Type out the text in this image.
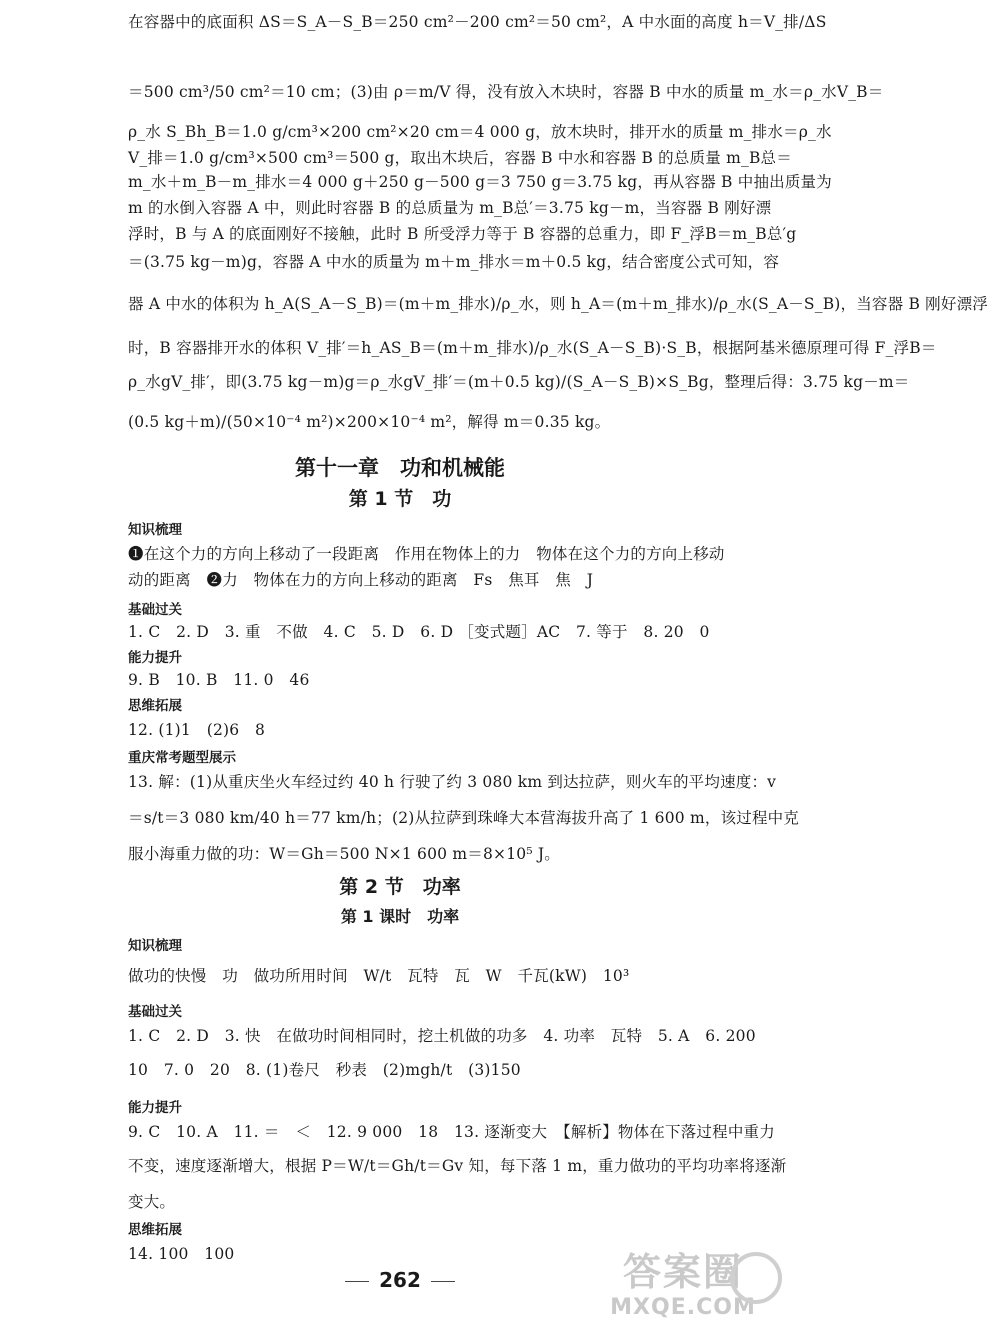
在容器中的底面积 ΔS＝S_A－S_B＝250 cm²－200 cm²＝50 cm²，A 中水面的高度 h＝V_排/ΔS
＝500 cm³/50 cm²＝10 cm；(3)由 ρ＝m/V 得，没有放入木块时，容器 B 中水的质量 m_水＝ρ_水V_B＝
ρ_水 S_Bh_B＝1.0 g/cm³×200 cm²×20 cm＝4 000 g，放木块时，排开水的质量 m_排水＝ρ_水
V_排＝1.0 g/cm³×500 cm³＝500 g，取出木块后，容器 B 中水和容器 B 的总质量 m_B总＝
m_水＋m_B－m_排水＝4 000 g＋250 g－500 g＝3 750 g＝3.75 kg，再从容器 B 中抽出质量为
m 的水倒入容器 A 中，则此时容器 B 的总质量为 m_B总′＝3.75 kg－m，当容器 B 刚好漂
浮时，B 与 A 的底面刚好不接触，此时 B 所受浮力等于 B 容器的总重力，即 F_浮B＝m_B总′g
＝(3.75 kg－m)g，容器 A 中水的质量为 m＋m_排水＝m＋0.5 kg，结合密度公式可知，容
器 A 中水的体积为 h_A(S_A－S_B)＝(m＋m_排水)/ρ_水，则 h_A＝(m＋m_排水)/ρ_水(S_A－S_B)，当容器 B 刚好漂浮
时，B 容器排开水的体积 V_排′＝h_AS_B＝(m＋m_排水)/ρ_水(S_A－S_B)·S_B，根据阿基米德原理可得 F_浮B＝
ρ_水gV_排′，即(3.75 kg－m)g＝ρ_水gV_排′＝(m＋0.5 kg)/(S_A－S_B)×S_Bg，整理后得：3.75 kg－m＝
(0.5 kg＋m)/(50×10⁻⁴ m²)×200×10⁻⁴ m²，解得 m＝0.35 kg。
第十一章　功和机械能
第 1 节　功
知识梳理
❶在这个力的方向上移动了一段距离　作用在物体上的力　物体在这个力的方向上移动
动的距离　❷力　物体在力的方向上移动的距离　Fs　焦耳　焦　J
基础过关
1. C　2. D　3. 重　不做　4. C　5. D　6. D ［变式题］AC　7. 等于　8. 20　0
能力提升
9. B　10. B　11. 0　46
思维拓展
12. (1)1　(2)6　8
重庆常考题型展示
13. 解：(1)从重庆坐火车经过约 40 h 行驶了约 3 080 km 到达拉萨，则火车的平均速度：v
＝s/t＝3 080 km/40 h＝77 km/h；(2)从拉萨到珠峰大本营海拔升高了 1 600 m，该过程中克
服小海重力做的功：W＝Gh＝500 N×1 600 m＝8×10⁵ J。
第 2 节　功率
第 1 课时　功率
知识梳理
做功的快慢　功　做功所用时间　W/t　瓦特　瓦　W　千瓦(kW)　10³
基础过关
1. C　2. D　3. 快　在做功时间相同时，挖土机做的功多　4. 功率　瓦特　5. A　6. 200
10　7. 0　20　8. (1)卷尺　秒表　(2)mgh/t　(3)150
能力提升
9. C　10. A　11. ＝　＜　12. 9 000　18　13. 逐渐变大　【解析】物体在下落过程中重力
不变，速度逐渐增大，根据 P＝W/t＝Gh/t＝Gv 知，每下落 1 m，重力做功的平均功率将逐渐
变大。
思维拓展
14. 100　100
262	答案圈
MXQE.COM
